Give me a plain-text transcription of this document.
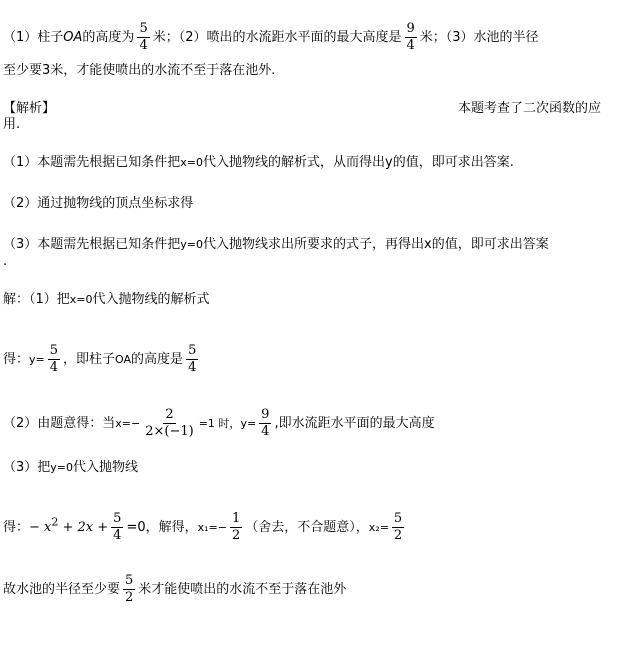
（1）柱子OA的高度为 $\frac{5}{4}$ 米；（2）喷出的水流距水平面的最大高度是 $\frac{9}{4}$ 米；（3）水池的半径
至少要3米，才能使喷出的水流不至于落在池外.
【解析】	本题考查了二次函数的应
用.
（1）本题需先根据已知条件把x=0代入抛物线的解析式，从而得出y的值，即可求出答案.
（2）通过抛物线的顶点坐标求得
（3）本题需先根据已知条件把y=0代入抛物线求出所要求的式子，再得出x的值，即可求出答案
.
解：（1）把x=0代入抛物线的解析式
得：$y= \frac{5}{4}$ ，即柱子OA的高度是 $\frac{5}{4}$
（2）由题意得：当$x=- \frac{2}{2\times(-1)} =1$ 时，$y= \frac{9}{4}$ ,即水流距水平面的最大高度
（3）把y=0代入抛物线
得：− $x^2 + 2x + \frac{5}{4} =0$，解得，$x_1=- \frac{1}{2}$ （舍去，不合题意），$x_2= \frac{5}{2}$
故水池的半径至少要 $\frac{5}{2}$ 米才能使喷出的水流不至于落在池外
